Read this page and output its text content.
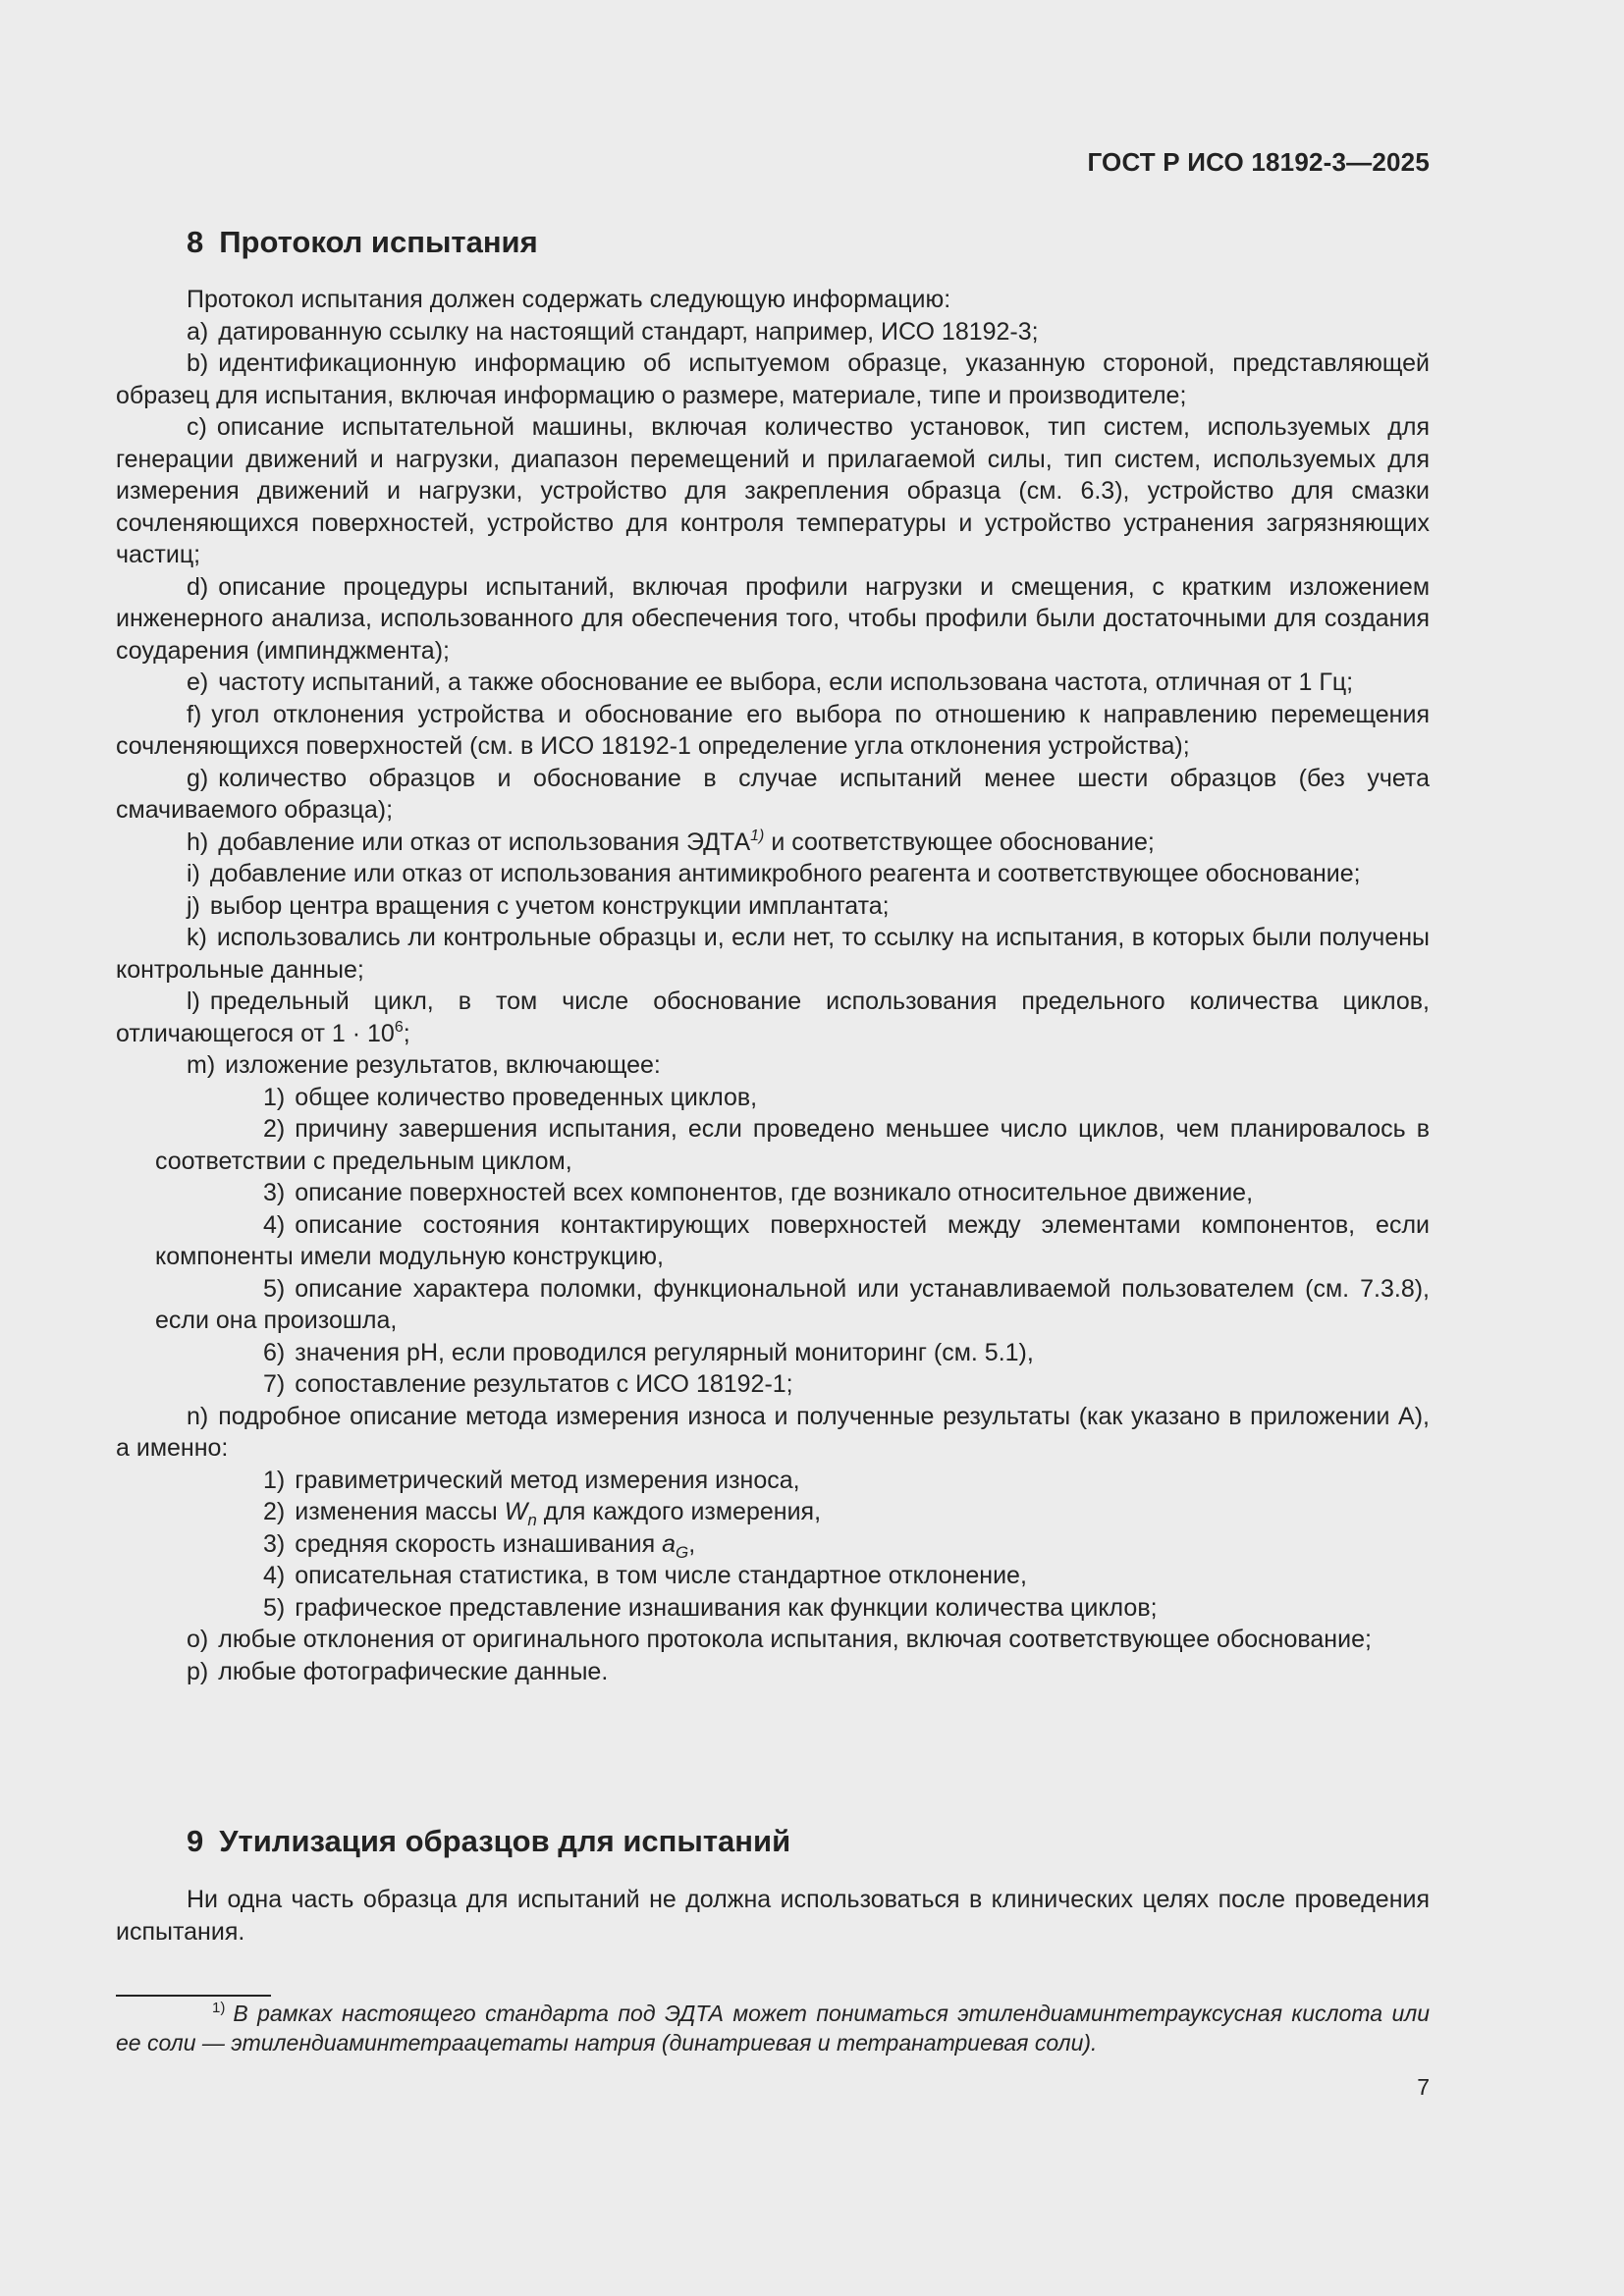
ГОСТ Р ИСО 18192-3—2025
8 Протокол испытания

Протокол испытания должен содержать следующую информацию:

a) датированную ссылку на настоящий стандарт, например, ИСО 18192-3;

b) идентификационную информацию об испытуемом образце, указанную стороной, представляющей образец для испытания, включая информацию о размере, материале, типе и производителе;

c) описание испытательной машины, включая количество установок, тип систем, используемых для генерации движений и нагрузки, диапазон перемещений и прилагаемой силы, тип систем, используемых для измерения движений и нагрузки, устройство для закрепления образца (см. 6.3), устройство для смазки сочленяющихся поверхностей, устройство для контроля температуры и устройство устранения загрязняющих частиц;

d) описание процедуры испытаний, включая профили нагрузки и смещения, с кратким изложением инженерного анализа, использованного для обеспечения того, чтобы профили были достаточными для создания соударения (импинджмента);

e) частоту испытаний, а также обоснование ее выбора, если использована частота, отличная от 1 Гц;

f) угол отклонения устройства и обоснование его выбора по отношению к направлению перемещения сочленяющихся поверхностей (см. в ИСО 18192-1 определение угла отклонения устройства);

g) количество образцов и обоснование в случае испытаний менее шести образцов (без учета смачиваемого образца);

h) добавление или отказ от использования ЭДТА$^{1)}$ и соответствующее обоснование;

i) добавление или отказ от использования антимикробного реагента и соответствующее обоснование;

j) выбор центра вращения с учетом конструкции имплантата;

k) использовались ли контрольные образцы и, если нет, то ссылку на испытания, в которых были получены контрольные данные;

l) предельный цикл, в том числе обоснование использования предельного количества циклов, отличающегося от $1 \cdot 10^6$;

m) изложение результатов, включающее:

1) общее количество проведенных циклов,

2) причину завершения испытания, если проведено меньшее число циклов, чем планировалось в соответствии с предельным циклом,

3) описание поверхностей всех компонентов, где возникало относительное движение,

4) описание состояния контактирующих поверхностей между элементами компонентов, если компоненты имели модульную конструкцию,

5) описание характера поломки, функциональной или устанавливаемой пользователем (см. 7.3.8), если она произошла,

6) значения pH, если проводился регулярный мониторинг (см. 5.1),

7) сопоставление результатов с ИСО 18192-1;

n) подробное описание метода измерения износа и полученные результаты (как указано в приложении А), а именно:

1) гравиметрический метод измерения износа,

2) изменения массы $W_n$ для каждого измерения,

3) средняя скорость изнашивания $a_G$,

4) описательная статистика, в том числе стандартное отклонение,

5) графическое представление изнашивания как функции количества циклов;

o) любые отклонения от оригинального протокола испытания, включая соответствующее обоснование;

p) любые фотографические данные.

9 Утилизация образцов для испытаний

Ни одна часть образца для испытаний не должна использоваться в клинических целях после проведения испытания.

$^{1)}$ В рамках настоящего стандарта под ЭДТА может пониматься этилендиаминтетрауксусная кислота или ее соли — этилендиаминтетраацетаты натрия (динатриевая и тетранатриевая соли).

7
